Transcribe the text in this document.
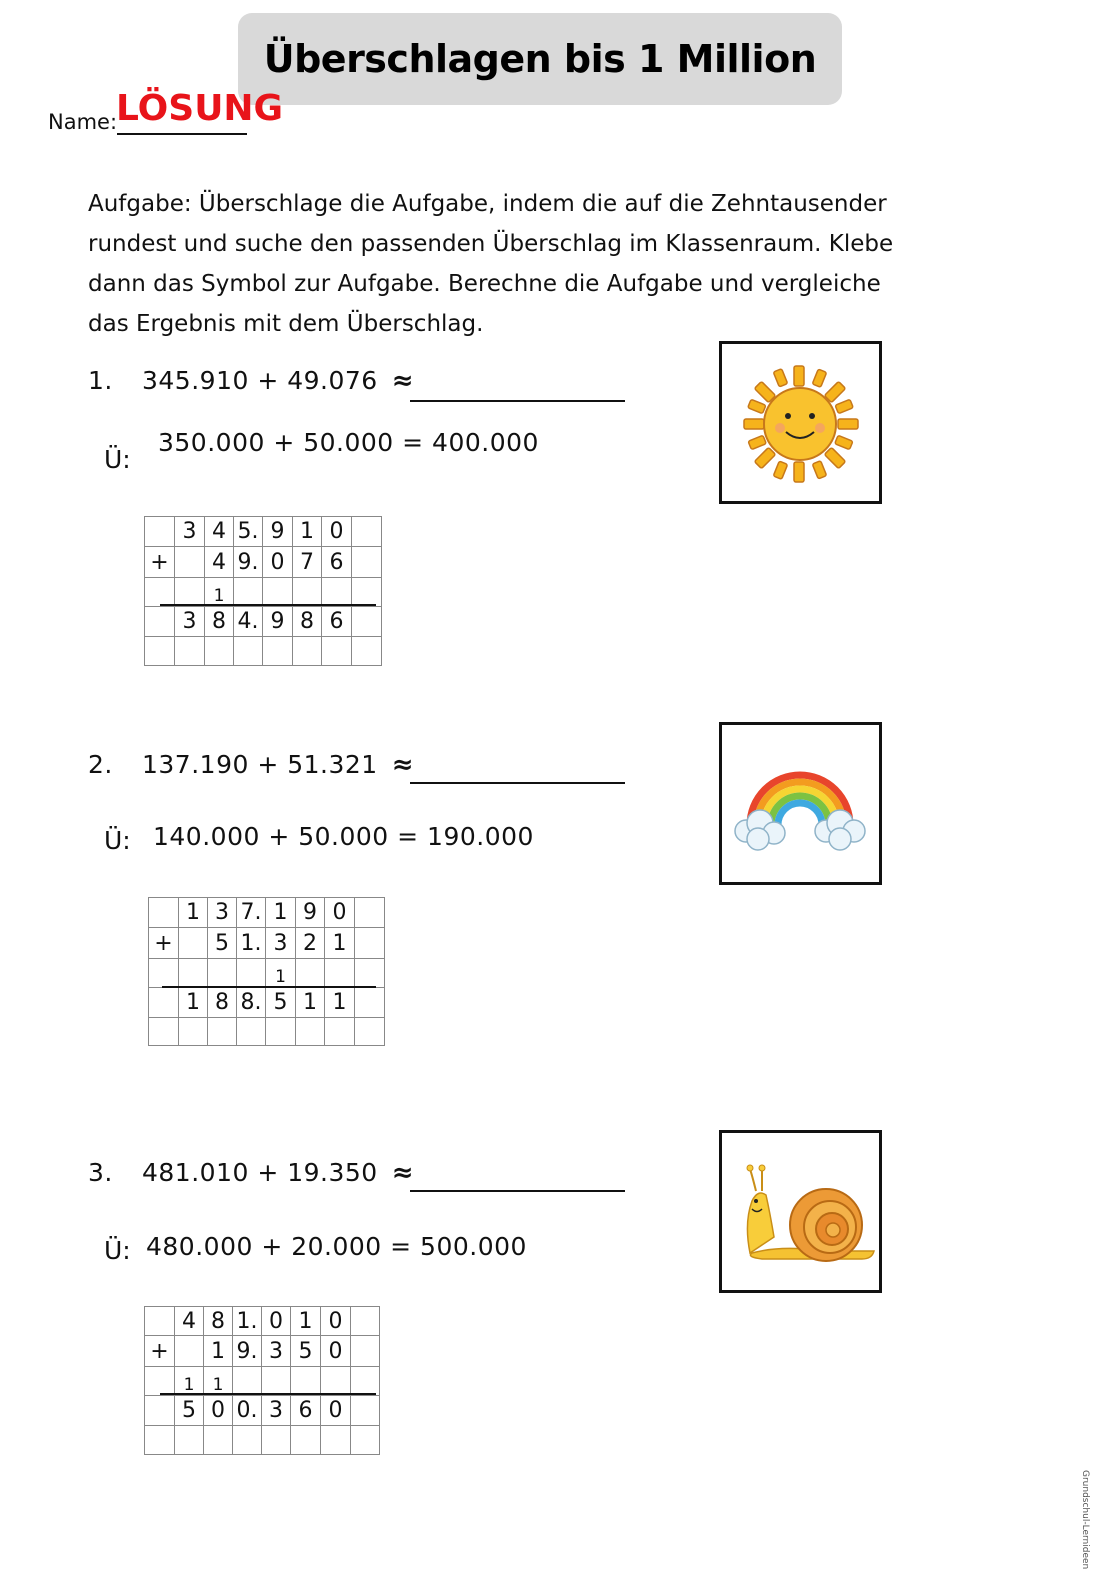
Überschlagen bis 1 Million
Name:
LÖSUNG

Aufgabe: Überschlage die Aufgabe, indem die auf die Zehntausender rundest und suche den passenden Überschlag im Klassenraum. Klebe dann das Symbol zur Aufgabe. Berechne die Aufgabe und vergleiche das Ergebnis mit dem Überschlag.

1. 345.910 + 49.076 ≈
Ü:
350.000 + 50.000 = 400.000
3 4 5. 9 1 0
+	4 9. 0 7 6
1
3 8 4. 9 8 6
2. 137.190 + 51.321 ≈
Ü: 140.000 + 50.000 = 190.000
1 3 7. 1 9 0
+	5 1. 3 2 1
1
1 8 8. 5 1 1
3. 481.010 + 19.350 ≈
Ü: 480.000 + 20.000 = 500.000
4 8 1. 0 1 0
+	1 9. 3 5 0
1	1
5 0 0. 3 6 0
Grundschul-Lernideen
